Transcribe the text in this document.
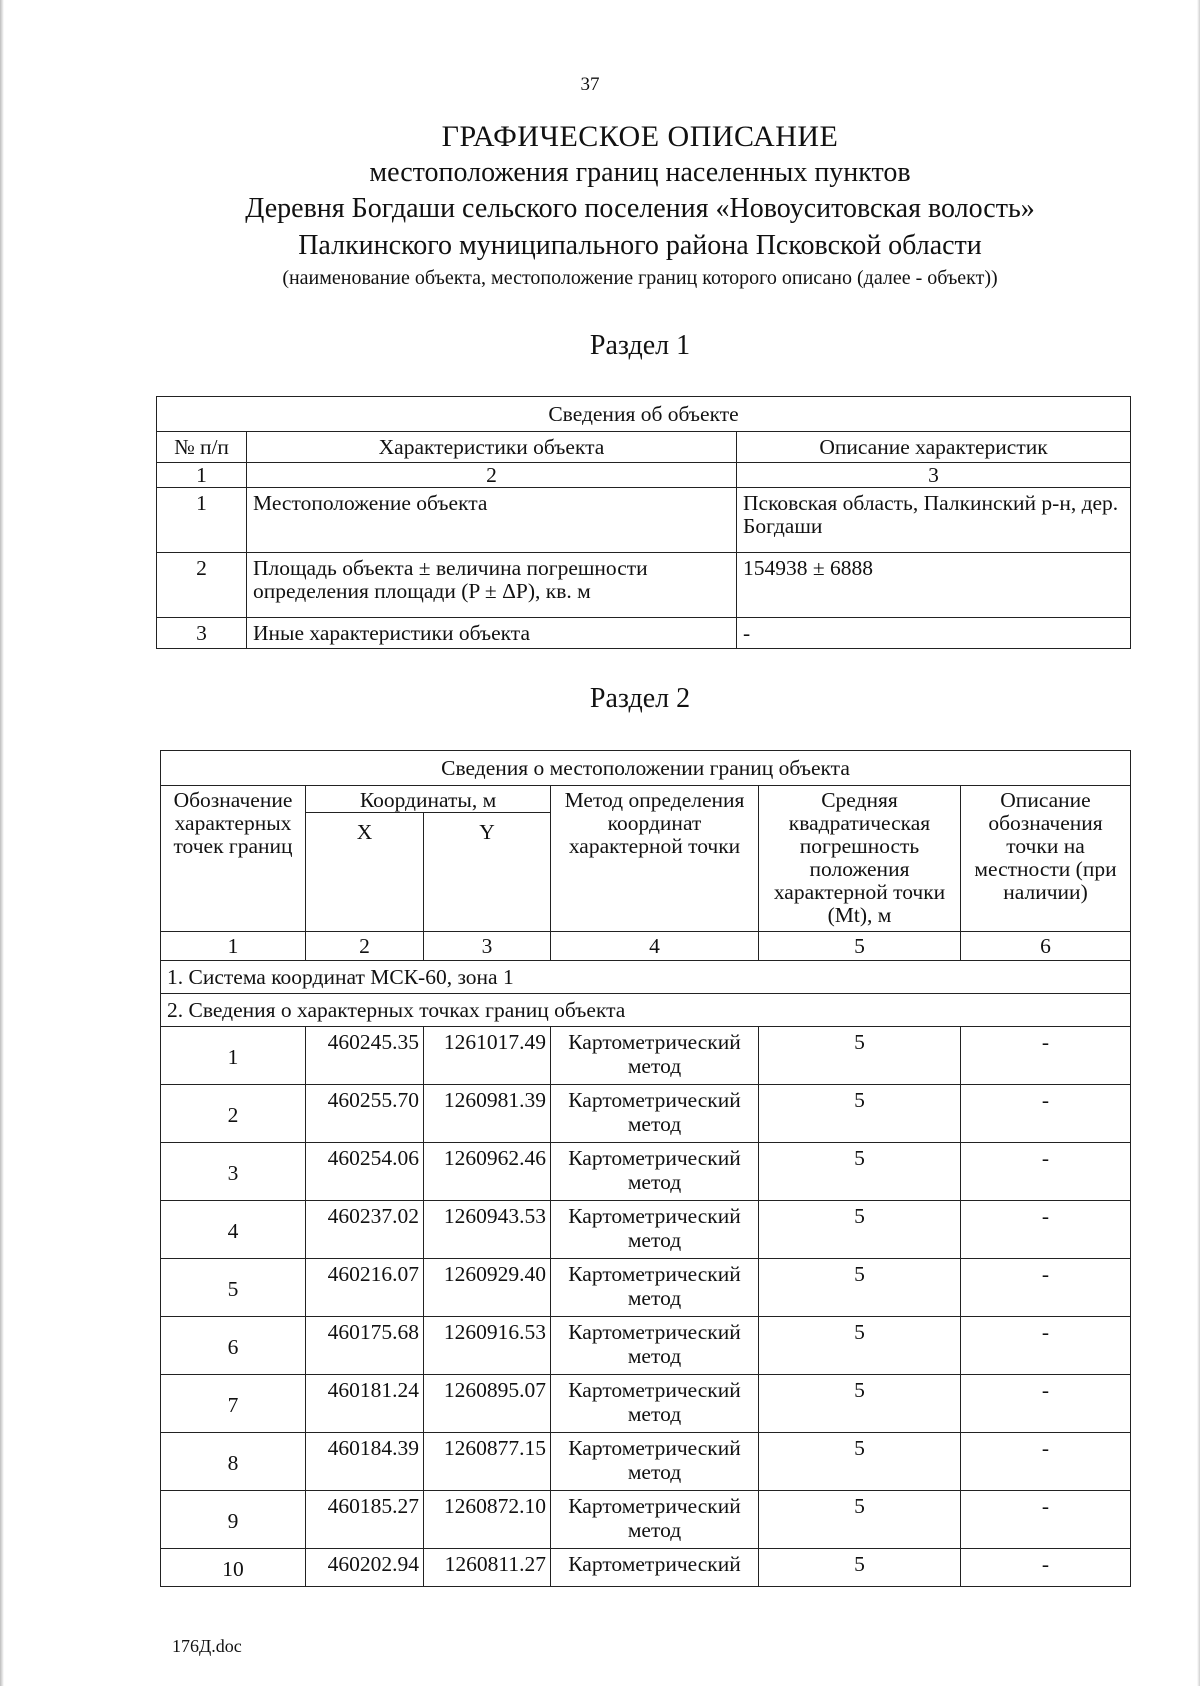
37
ГРАФИЧЕСКОЕ ОПИСАНИЕ
местоположения границ населенных пунктов
Деревня Богдаши сельского поселения «Новоуситовская волость»
Палкинского муниципального района Псковской области
(наименование объекта, местоположение границ которого описано (далее - объект))
Раздел 1
Сведения об объекте		
№ п/п	Характеристики объекта	Описание характеристик
1	2	3
1	Местоположение объекта	Псковская область, Палкинский р-н, дер. Богдаши
2	Площадь объекта ± величина погрешности определения площади (P ± ΔP), кв. м	154938 ± 6888
3	Иные характеристики объекта	-
Раздел 2
Сведения о местоположении границ объекта					
Обозначение характерных точек границ	Координаты, м		Метод определения координат характерной точки	Средняя квадратическая погрешность положения характерной точки (Mt), м	Описание обозначения точки на местности (при наличии)
	X	Y			
1	2	3	4	5	6
1. Система координат МСК-60, зона 1					
2. Сведения о характерных точках границ объекта					
1	460245.35	1261017.49	Картометрический метод	5	-
2	460255.70	1260981.39	Картометрический метод	5	-
3	460254.06	1260962.46	Картометрический метод	5	-
4	460237.02	1260943.53	Картометрический метод	5	-
5	460216.07	1260929.40	Картометрический метод	5	-
6	460175.68	1260916.53	Картометрический метод	5	-
7	460181.24	1260895.07	Картометрический метод	5	-
8	460184.39	1260877.15	Картометрический метод	5	-
9	460185.27	1260872.10	Картометрический метод	5	-
10	460202.94	1260811.27	Картометрический	5	-
176Д.doc
